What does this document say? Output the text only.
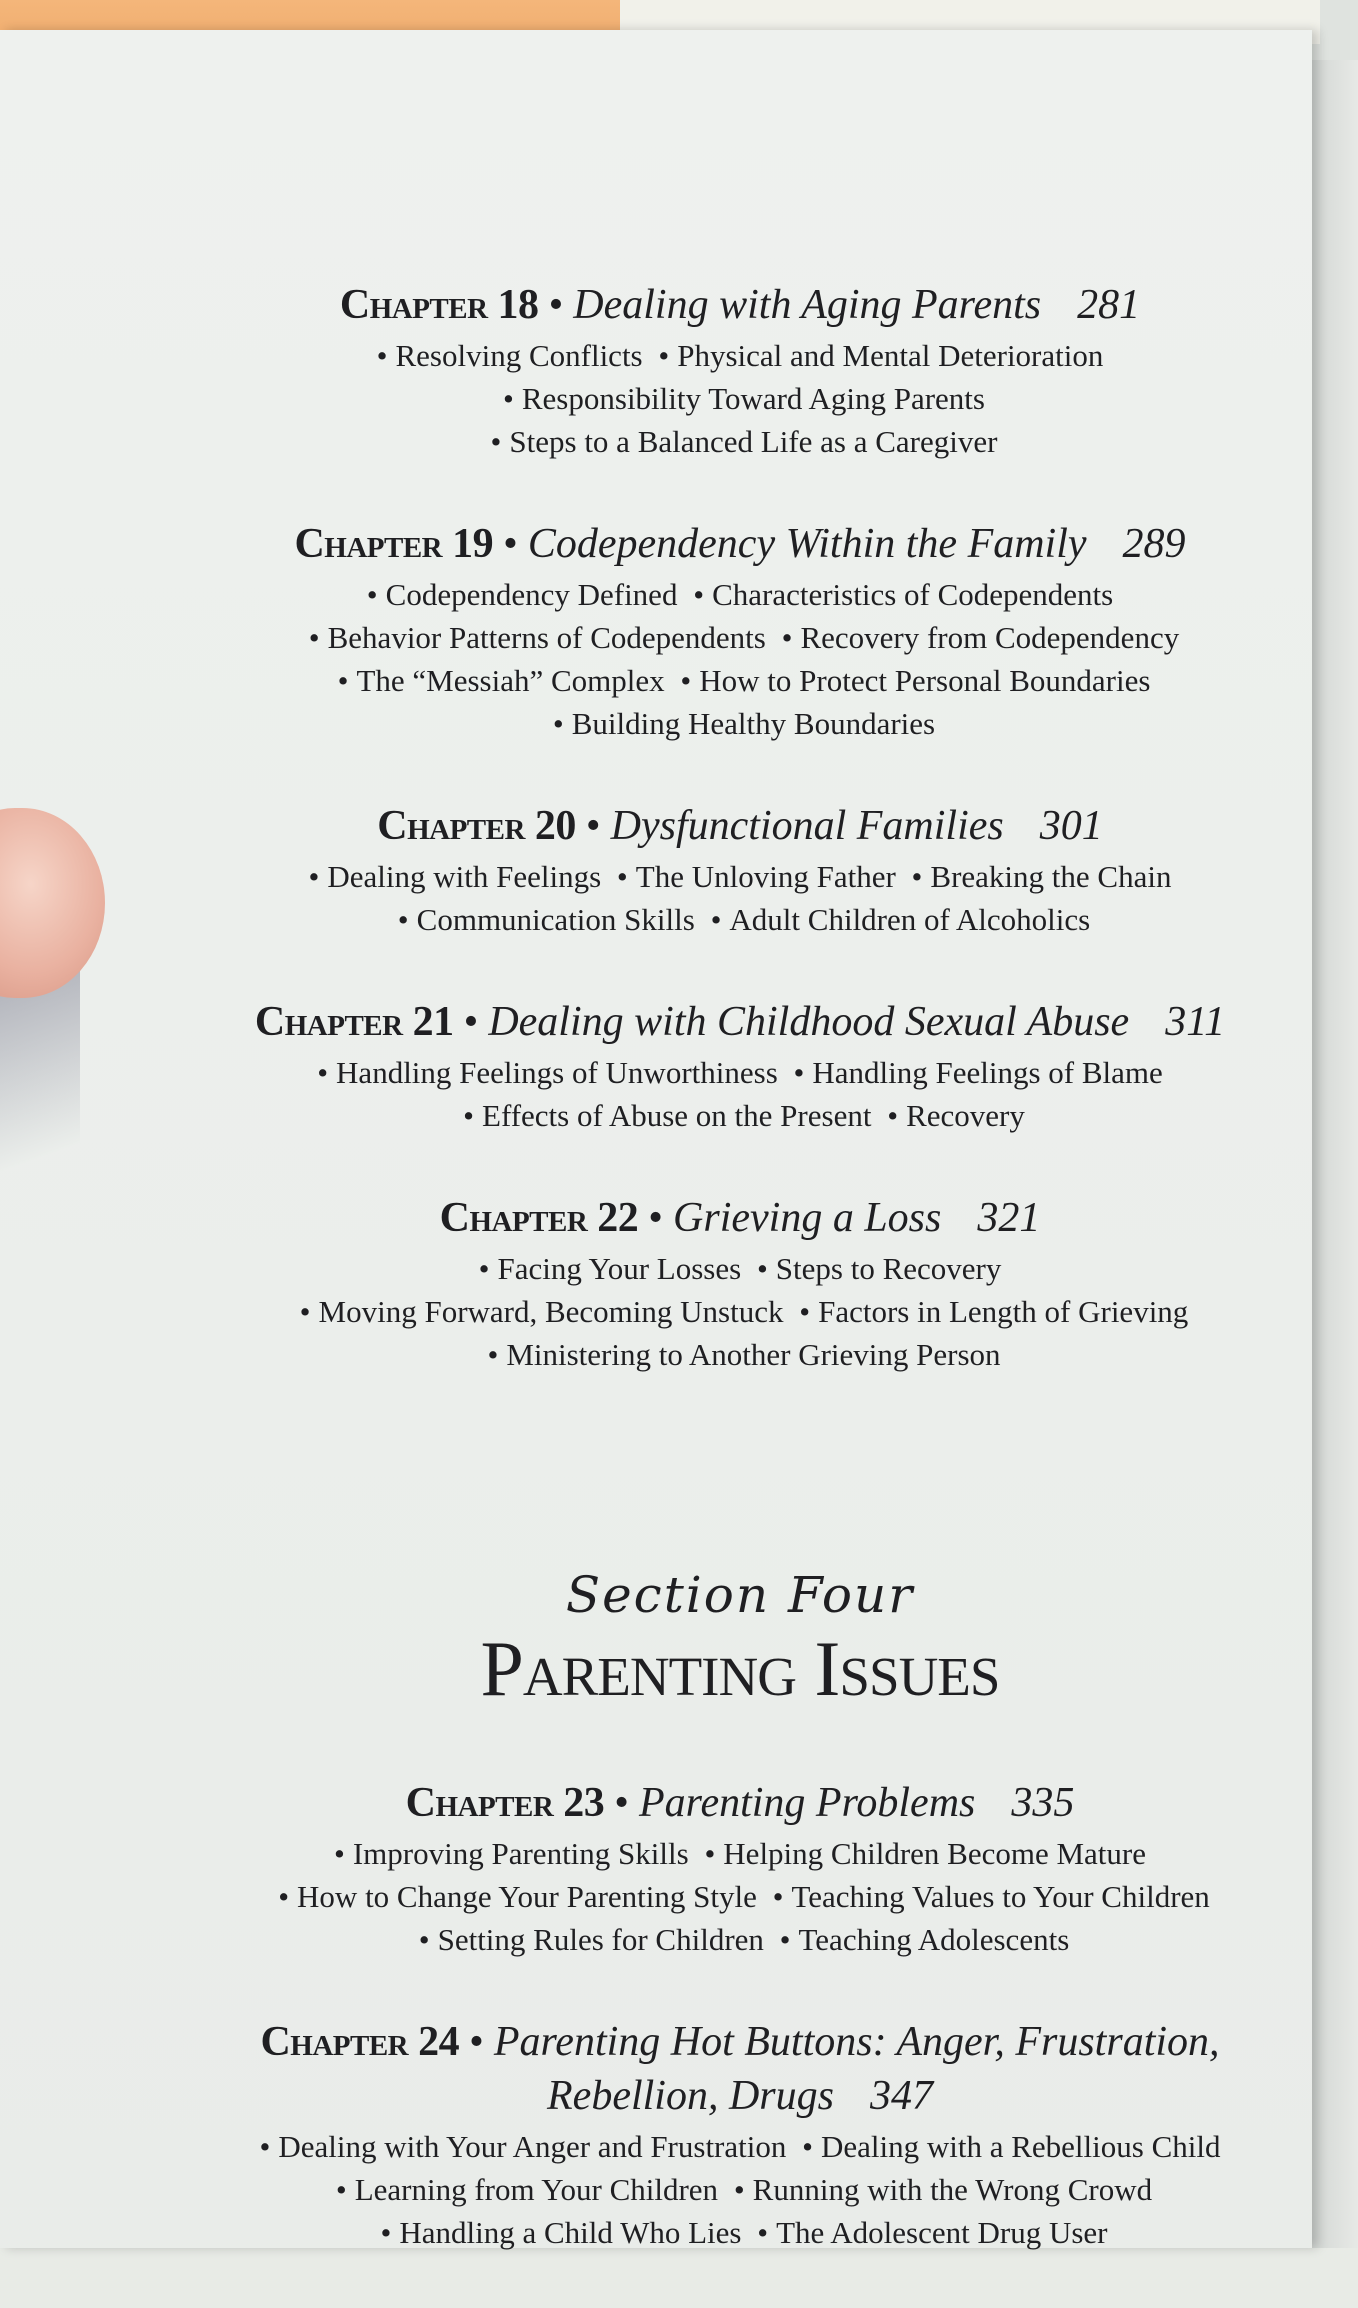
Chapter 18 • Dealing with Aging Parents 281
• Resolving Conflicts • Physical and Mental Deterioration • Responsibility Toward Aging Parents • Steps to a Balanced Life as a Caregiver
Chapter 19 • Codependency Within the Family 289
• Codependency Defined • Characteristics of Codependents • Behavior Patterns of Codependents • Recovery from Codependency • The “Messiah” Complex • How to Protect Personal Boundaries • Building Healthy Boundaries
Chapter 20 • Dysfunctional Families 301
• Dealing with Feelings • The Unloving Father • Breaking the Chain • Communication Skills • Adult Children of Alcoholics
Chapter 21 • Dealing with Childhood Sexual Abuse 311
• Handling Feelings of Unworthiness • Handling Feelings of Blame • Effects of Abuse on the Present • Recovery
Chapter 22 • Grieving a Loss 321
• Facing Your Losses • Steps to Recovery • Moving Forward, Becoming Unstuck • Factors in Length of Grieving • Ministering to Another Grieving Person
Section Four
Parenting Issues
Chapter 23 • Parenting Problems 335
• Improving Parenting Skills • Helping Children Become Mature • How to Change Your Parenting Style • Teaching Values to Your Children • Setting Rules for Children • Teaching Adolescents
Chapter 24 • Parenting Hot Buttons: Anger, Frustration, Rebellion, Drugs 347
• Dealing with Your Anger and Frustration • Dealing with a Rebellious Child • Learning from Your Children • Running with the Wrong Crowd • Handling a Child Who Lies • The Adolescent Drug User
